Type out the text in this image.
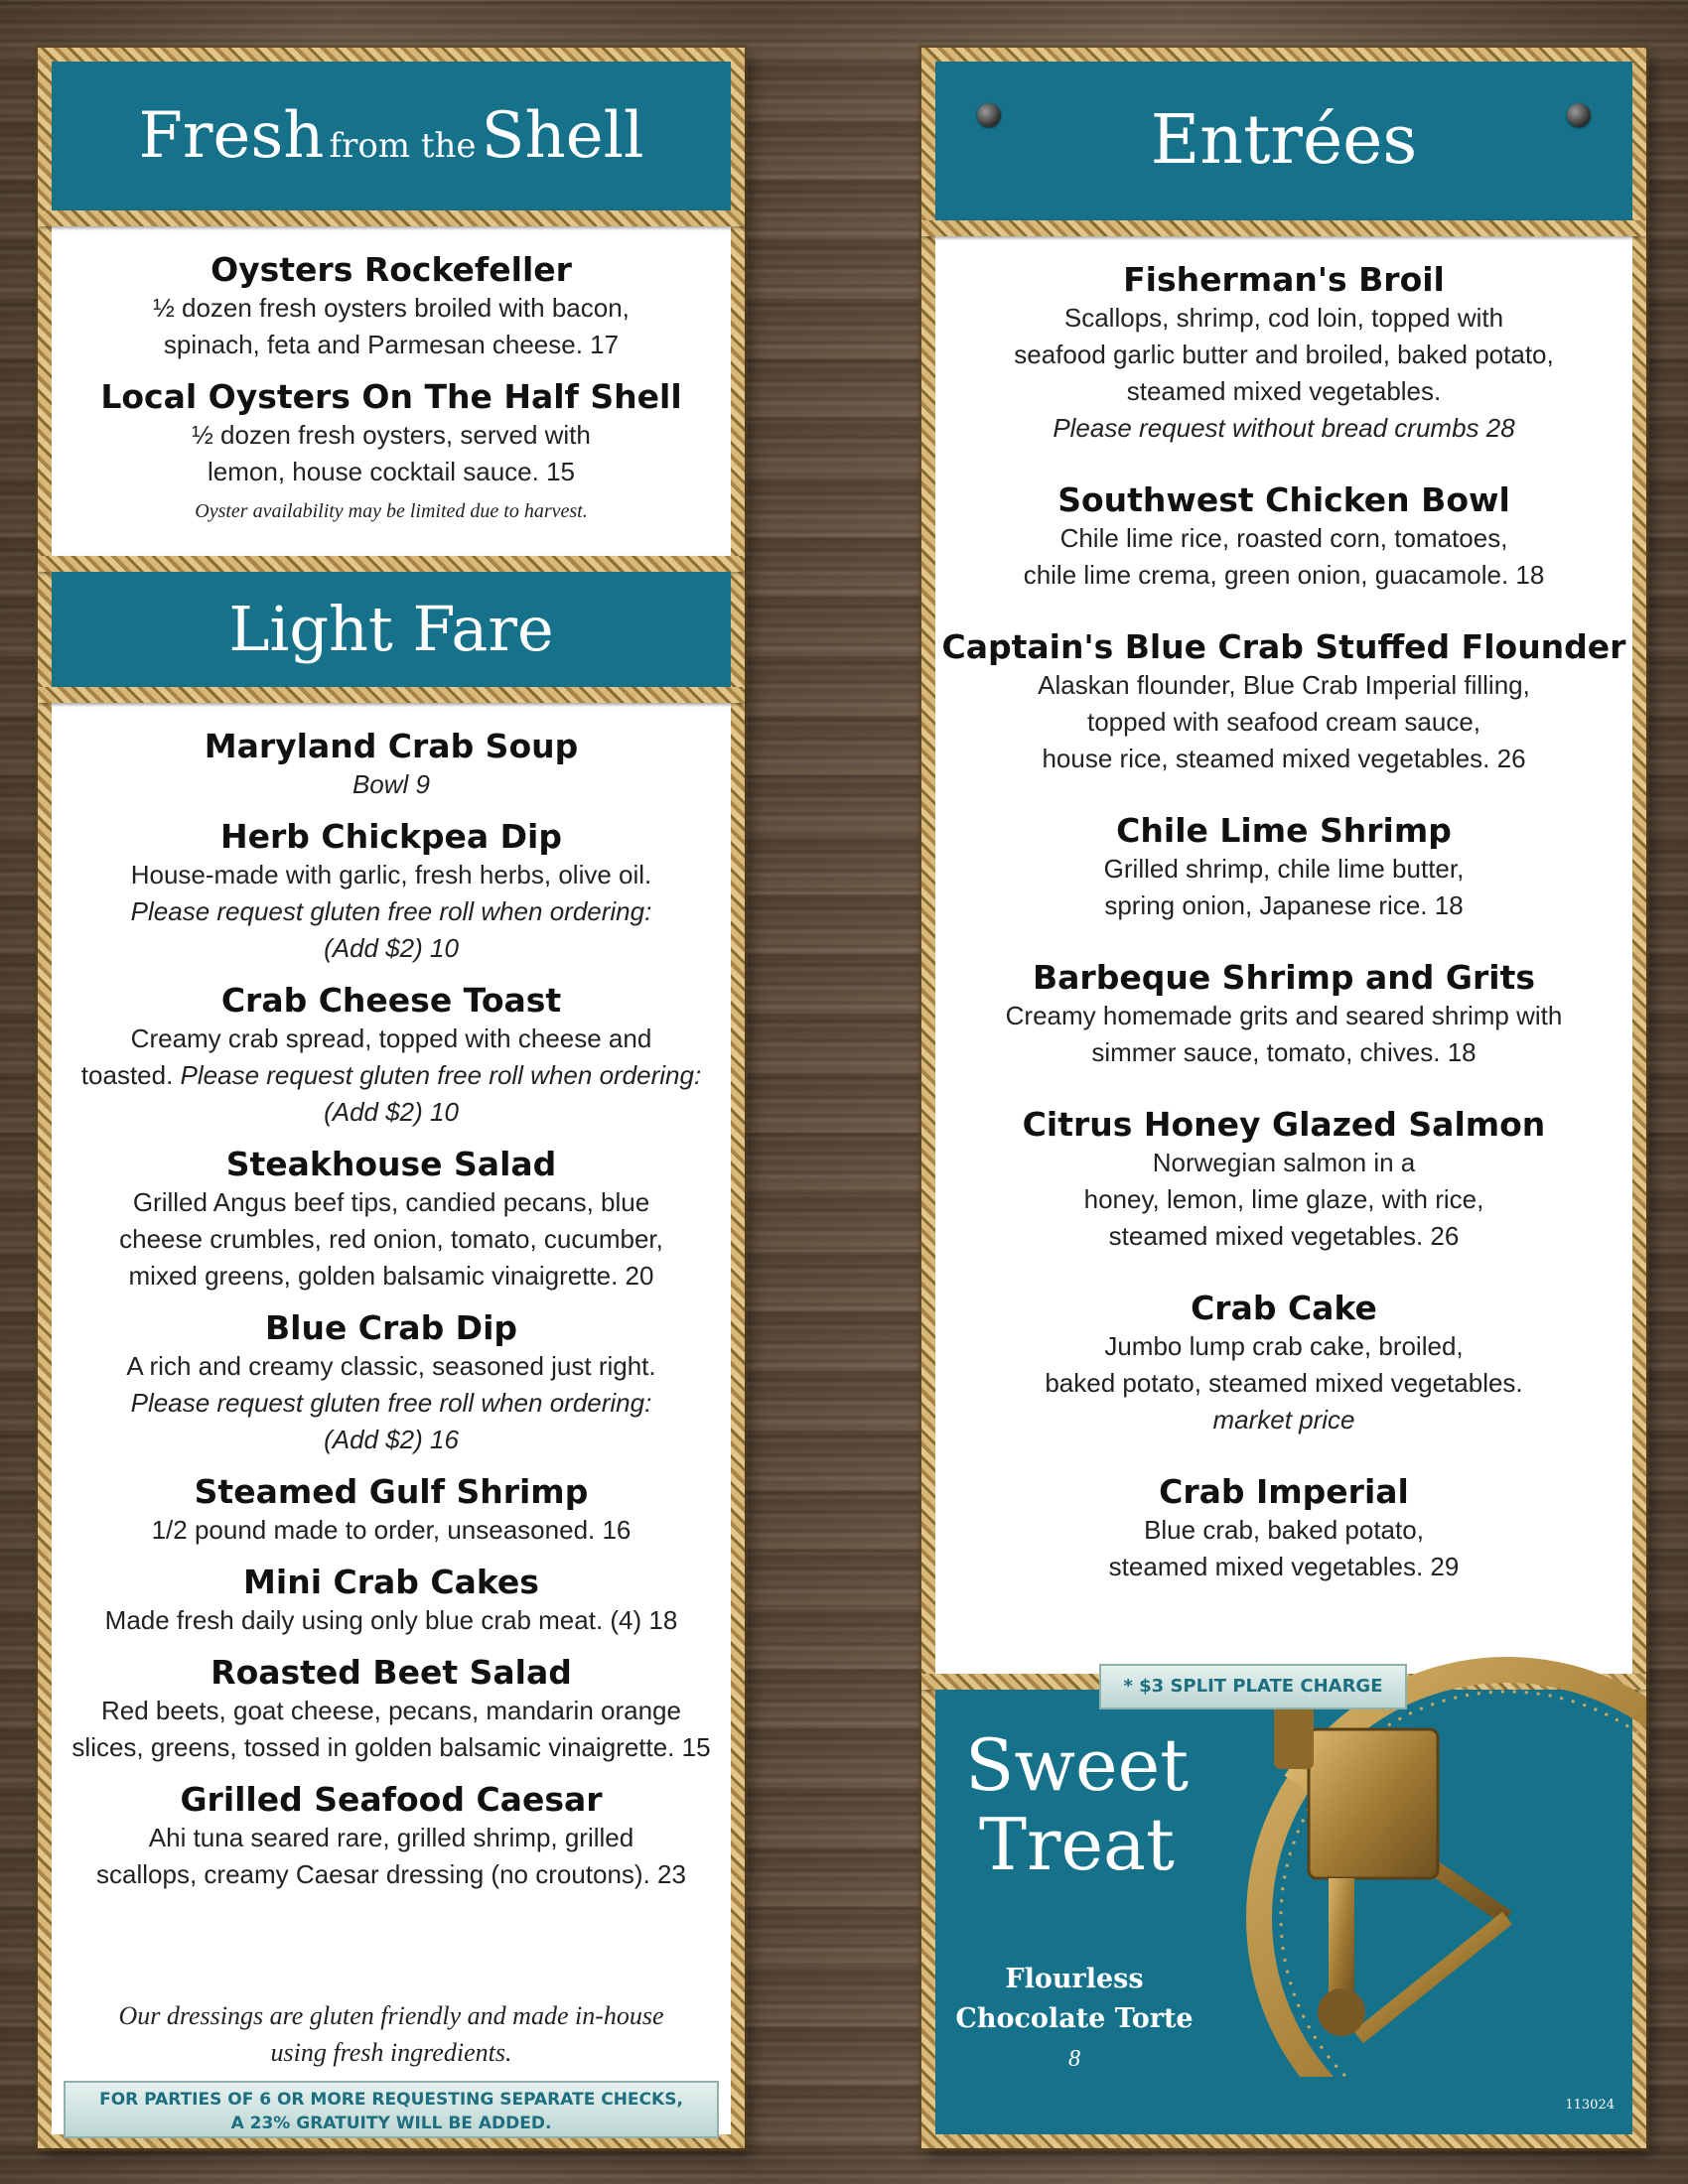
Fresh from the Shell
Oysters Rockefeller
½ dozen fresh oysters broiled with bacon,
spinach, feta and Parmesan cheese. 17
Local Oysters On The Half Shell
½ dozen fresh oysters, served with
lemon, house cocktail sauce. 15
Oyster availability may be limited due to harvest.
Light Fare
Maryland Crab Soup
Bowl 9
Herb Chickpea Dip
House-made with garlic, fresh herbs, olive oil.
Please request gluten free roll when ordering:
(Add $2) 10
Crab Cheese Toast
Creamy crab spread, topped with cheese and
toasted. Please request gluten free roll when ordering:
(Add $2) 10
Steakhouse Salad
Grilled Angus beef tips, candied pecans, blue
cheese crumbles, red onion, tomato, cucumber,
mixed greens, golden balsamic vinaigrette. 20
Blue Crab Dip
A rich and creamy classic, seasoned just right.
Please request gluten free roll when ordering:
(Add $2) 16
Steamed Gulf Shrimp
1/2 pound made to order, unseasoned. 16
Mini Crab Cakes
Made fresh daily using only blue crab meat. (4) 18
Roasted Beet Salad
Red beets, goat cheese, pecans, mandarin orange
slices, greens, tossed in golden balsamic vinaigrette. 15
Grilled Seafood Caesar
Ahi tuna seared rare, grilled shrimp, grilled
scallops, creamy Caesar dressing (no croutons). 23
Our dressings are gluten friendly and made in-house
using fresh ingredients.
FOR PARTIES OF 6 OR MORE REQUESTING SEPARATE CHECKS,
A 23% GRATUITY WILL BE ADDED.
Entrées
Fisherman's Broil
Scallops, shrimp, cod loin, topped with
seafood garlic butter and broiled, baked potato,
steamed mixed vegetables.
Please request without bread crumbs 28
Southwest Chicken Bowl
Chile lime rice, roasted corn, tomatoes,
chile lime crema, green onion, guacamole. 18
Captain's Blue Crab Stuffed Flounder
Alaskan flounder, Blue Crab Imperial filling,
topped with seafood cream sauce,
house rice, steamed mixed vegetables. 26
Chile Lime Shrimp
Grilled shrimp, chile lime butter,
spring onion, Japanese rice. 18
Barbeque Shrimp and Grits
Creamy homemade grits and seared shrimp with
simmer sauce, tomato, chives. 18
Citrus Honey Glazed Salmon
Norwegian salmon in a
honey, lemon, lime glaze, with rice,
steamed mixed vegetables. 26
Crab Cake
Jumbo lump crab cake, broiled,
baked potato, steamed mixed vegetables.
market price
Crab Imperial
Blue crab, baked potato,
steamed mixed vegetables. 29
* $3 SPLIT PLATE CHARGE
Sweet
Treat
Flourless
Chocolate Torte
8
113024
